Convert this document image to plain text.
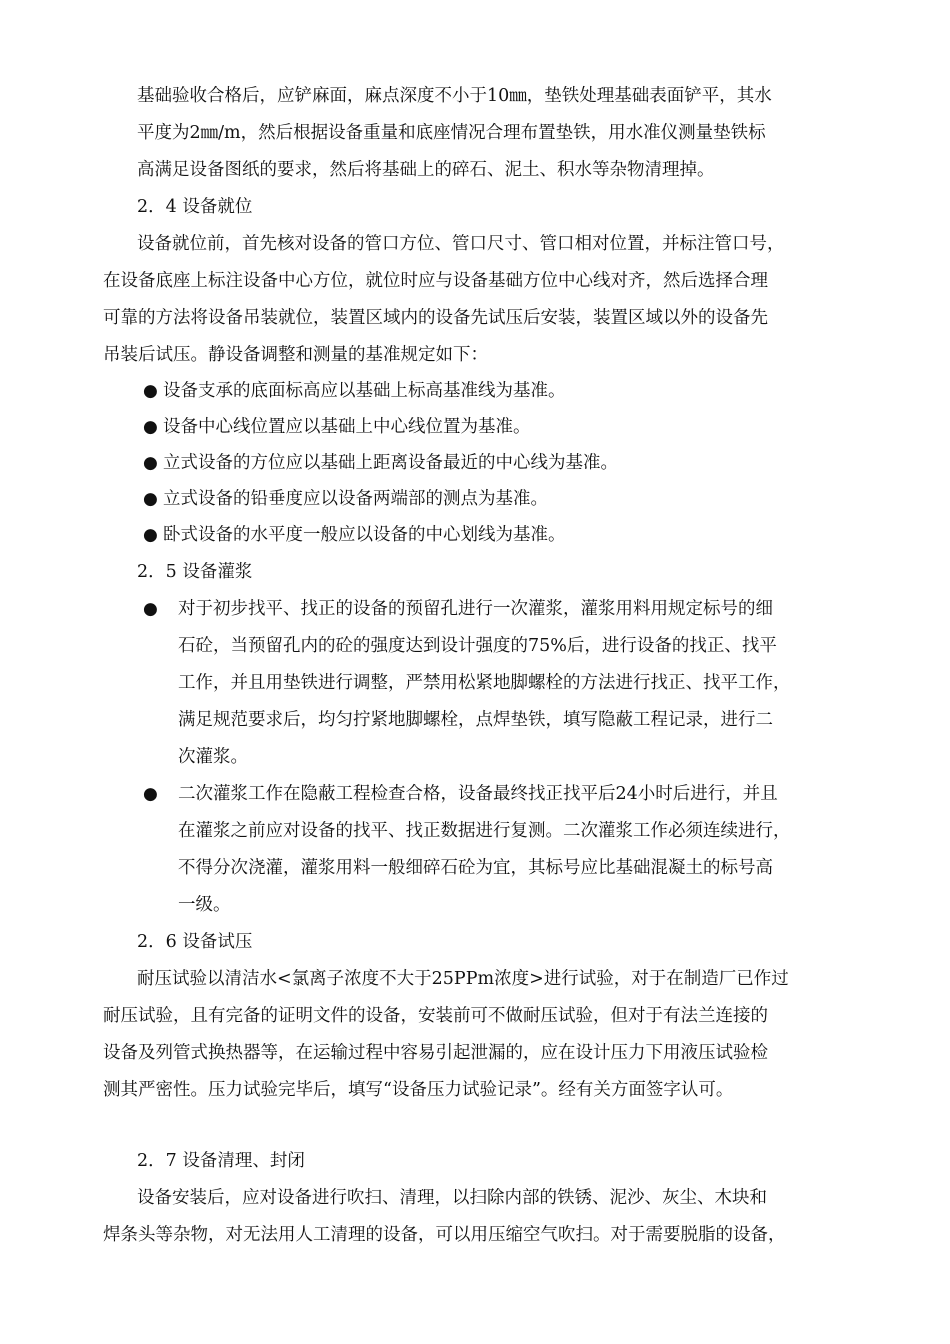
基础验收合格后，应铲麻面，麻点深度不小于10㎜，垫铁处理基础表面铲平，其水
平度为2㎜/m，然后根据设备重量和底座情况合理布置垫铁，用水准仪测量垫铁标
高满足设备图纸的要求，然后将基础上的碎石、泥土、积水等杂物清理掉。
2．4 设备就位
设备就位前，首先核对设备的管口方位、管口尺寸、管口相对位置，并标注管口号，
在设备底座上标注设备中心方位，就位时应与设备基础方位中心线对齐，然后选择合理
可靠的方法将设备吊装就位，装置区域内的设备先试压后安装，装置区域以外的设备先
吊装后试压。静设备调整和测量的基准规定如下：
● 设备支承的底面标高应以基础上标高基准线为基准。
● 设备中心线位置应以基础上中心线位置为基准。
● 立式设备的方位应以基础上距离设备最近的中心线为基准。
● 立式设备的铅垂度应以设备两端部的测点为基准。
● 卧式设备的水平度一般应以设备的中心划线为基准。
2．5 设备灌浆
● 对于初步找平、找正的设备的预留孔进行一次灌浆，灌浆用料用规定标号的细
石砼，当预留孔内的砼的强度达到设计强度的75%后，进行设备的找正、找平
工作，并且用垫铁进行调整，严禁用松紧地脚螺栓的方法进行找正、找平工作，
满足规范要求后，均匀拧紧地脚螺栓，点焊垫铁，填写隐蔽工程记录，进行二
次灌浆。
● 二次灌浆工作在隐蔽工程检查合格，设备最终找正找平后24小时后进行，并且
在灌浆之前应对设备的找平、找正数据进行复测。二次灌浆工作必须连续进行，
不得分次浇灌，灌浆用料一般细碎石砼为宜，其标号应比基础混凝土的标号高
一级。
2．6 设备试压
耐压试验以清洁水<氯离子浓度不大于25PPm浓度>进行试验，对于在制造厂已作过
耐压试验，且有完备的证明文件的设备，安装前可不做耐压试验，但对于有法兰连接的
设备及列管式换热器等，在运输过程中容易引起泄漏的，应在设计压力下用液压试验检
测其严密性。压力试验完毕后，填写“设备压力试验记录”。经有关方面签字认可。
2．7 设备清理、封闭
设备安装后，应对设备进行吹扫、清理，以扫除内部的铁锈、泥沙、灰尘、木块和
焊条头等杂物，对无法用人工清理的设备，可以用压缩空气吹扫。对于需要脱脂的设备，
